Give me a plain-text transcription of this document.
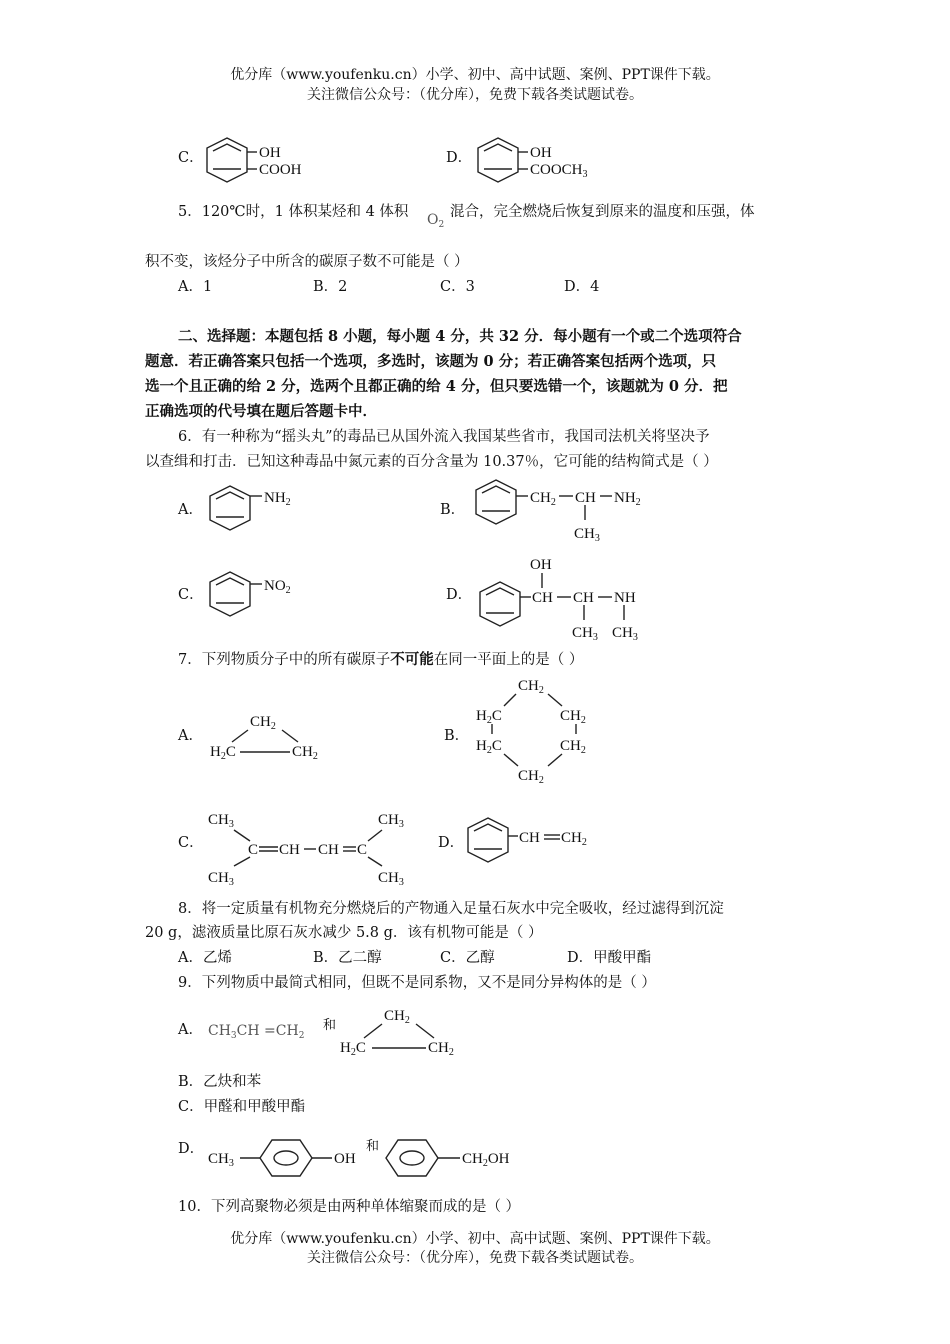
优分库（www.youfenku.cn）小学、初中、高中试题、案例、PPT课件下载。
关注微信公众号：（优分库），免费下载各类试题试卷。
C．	OH
COOH
D．	OH
$COOCH_3$
5．120℃时，1 体积某烃和 4 体积 $O_2$
混合，完全燃烧后恢复到原来的温度和压强，体
积不变，该烃分子中所含的碳原子数不可能是（ ）
A．1	B．2	C．3	D．4
二、选择题：本题包括 8 小题，每小题 4 分，共 32 分．每小题有一个或二个选项符合
题意．若正确答案只包括一个选项，多选时，该题为 0 分；若正确答案包括两个选项，只
选一个且正确的给 2 分，选两个且都正确的给 4 分，但只要选错一个，该题就为 0 分．把
正确选项的代号填在题后答题卡中．
6．有一种称为“摇头丸”的毒品已从国外流入我国某些省市，我国司法机关将坚决予
以查缉和打击．已知这种毒品中氮元素的百分含量为 10.37％，它可能的结构简式是（ ）
A．
$NH_2$	B．
$CH_2$ CH $NH_2$
$CH_3$
C．
$NO_2$	D．
OH
CH CH NH
$CH_3$ $CH_3$
7．下列物质分子中的所有碳原子不可能在同一平面上的是（ ）
A．
$CH_2$
$H_2C$	$CH_2$
B．
$CH_2$
$H_2C$	$CH_2$
$H_2C$	$CH_2$
$CH_2$
C．
$CH_3$
C
$CH_3$
CH CH C
$CH_3$
$CH_3$
D．	CH $CH_2$
8．将一定质量有机物充分燃烧后的产物通入足量石灰水中完全吸收，经过滤得到沉淀
20 g，滤液质量比原石灰水减少 5.8 g．该有机物可能是（ ）
A．乙烯	B．乙二醇	C．乙醇	D．甲酸甲酯
9．下列物质中最简式相同，但既不是同系物，又不是同分异构体的是（ ）
A． $CH_3CH =CH_2$
和
$CH_2$
$H_2C$	$CH_2$
B．乙炔和苯
C．甲醛和甲酸甲酯
D．
$CH_3$	OH
和
$CH_2OH$
10．下列高聚物必须是由两种单体缩聚而成的是（ ）
优分库（www.youfenku.cn）小学、初中、高中试题、案例、PPT课件下载。
关注微信公众号：（优分库），免费下载各类试题试卷。
